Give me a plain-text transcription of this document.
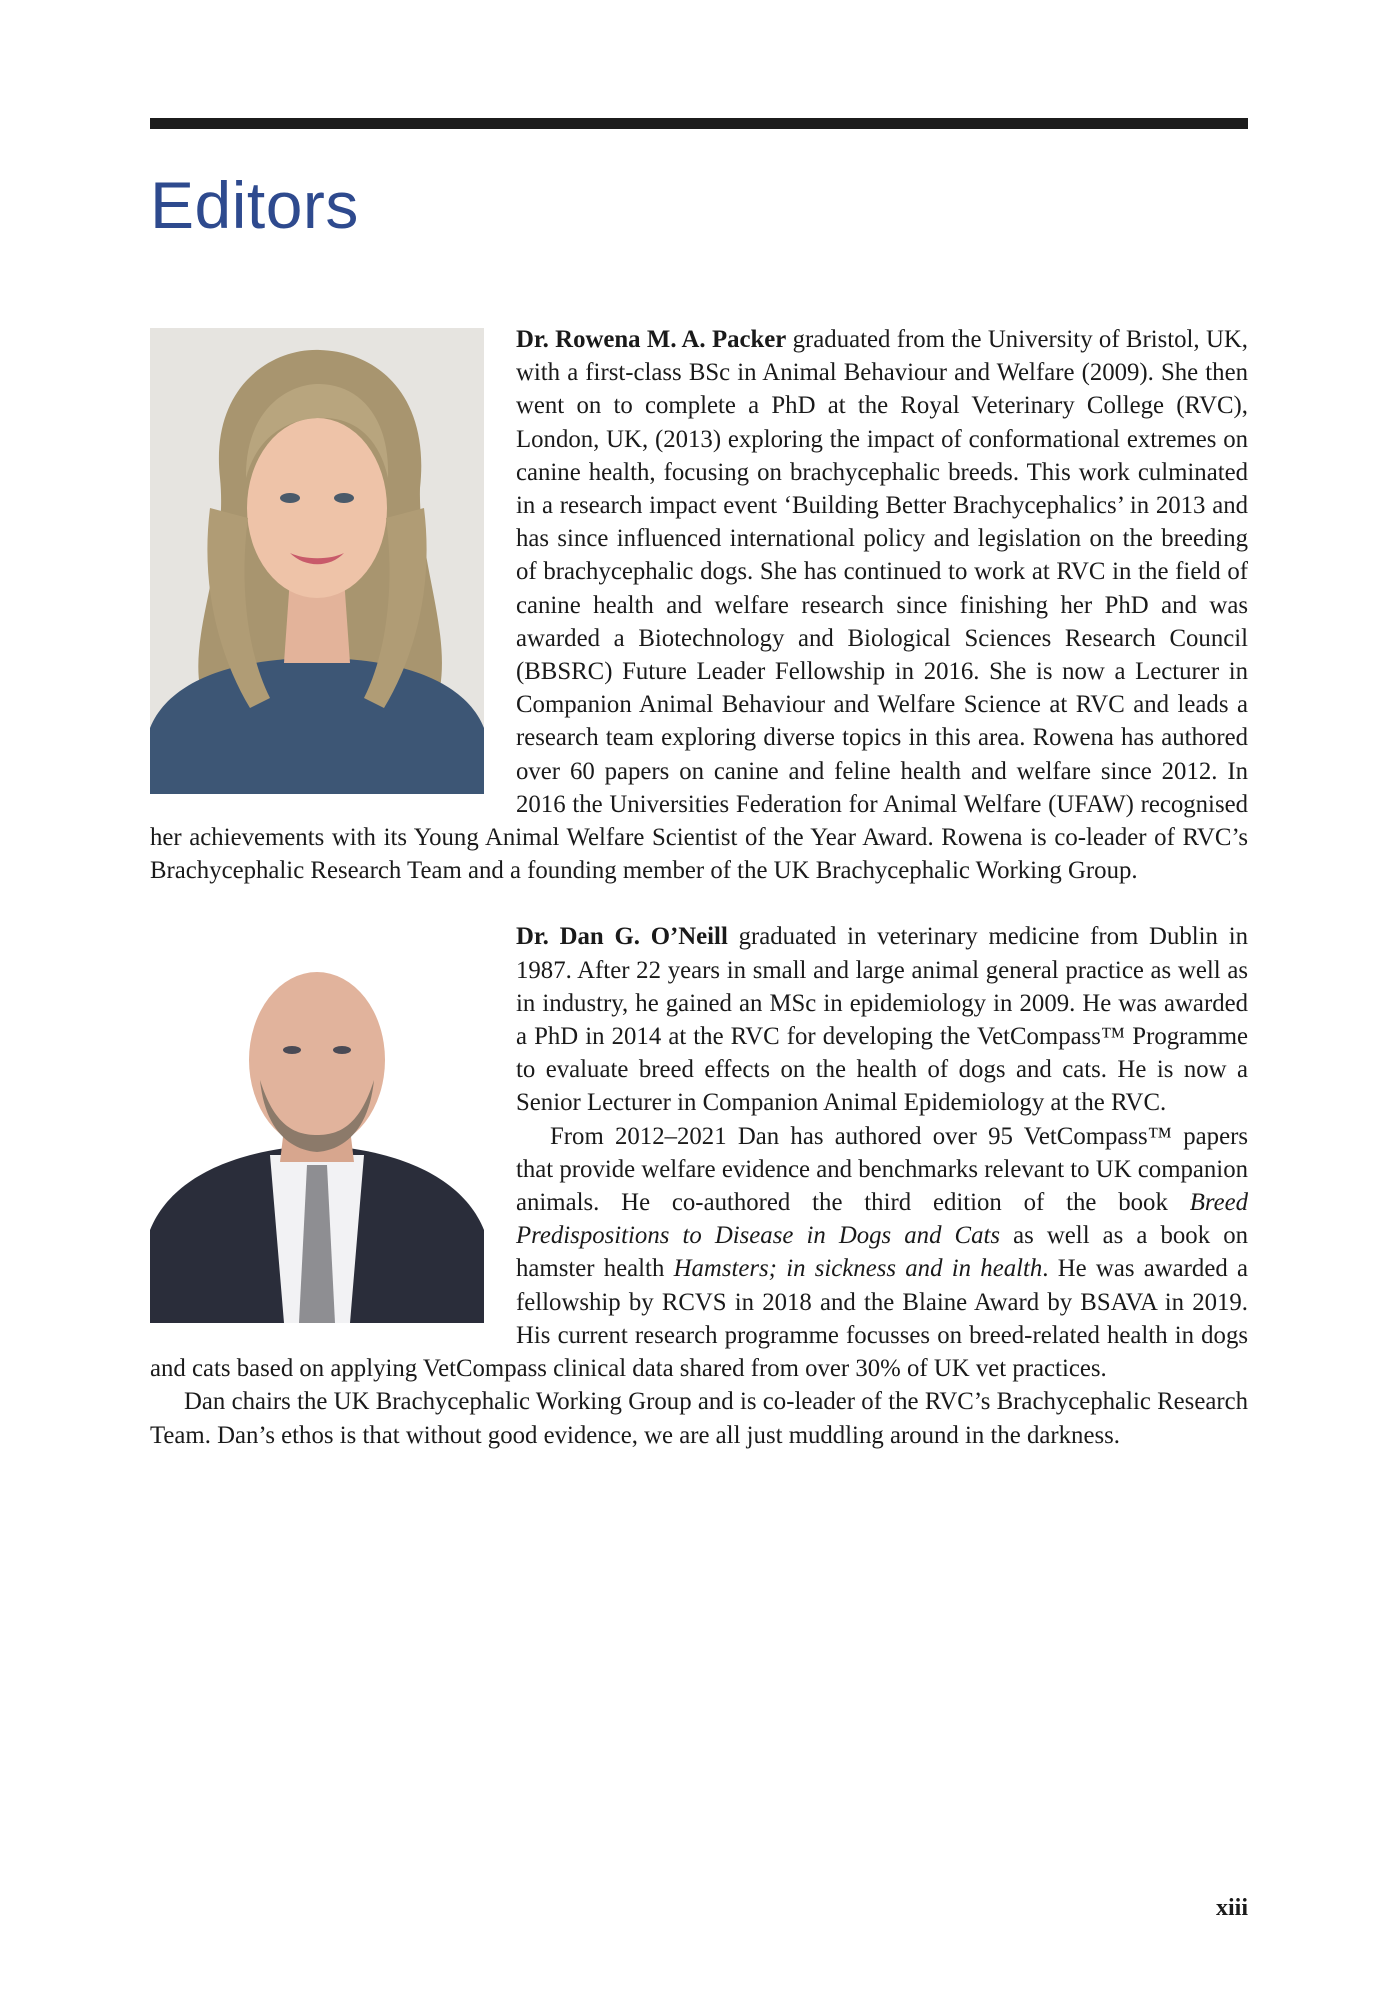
Editors

Dr. Rowena M. A. Packer graduated from the University of Bristol, UK, with a first-class BSc in Animal Behaviour and Welfare (2009). She then went on to complete a PhD at the Royal Veterinary College (RVC), London, UK, (2013) exploring the impact of conformational extremes on canine health, focusing on brachycephalic breeds. This work culminated in a research impact event ‘Building Better Brachycephalics’ in 2013 and has since influenced international policy and legislation on the breeding of brachycephalic dogs. She has continued to work at RVC in the field of canine health and welfare research since finishing her PhD and was awarded a Biotechnology and Biological Sciences Research Council (BBSRC) Future Leader Fellowship in 2016. She is now a Lecturer in Companion Animal Behaviour and Welfare Science at RVC and leads a research team exploring diverse topics in this area. Rowena has authored over 60 papers on canine and feline health and welfare since 2012. In 2016 the Universities Federation for Animal Welfare (UFAW) recognised her achievements with its Young Animal Welfare Scientist of the Year Award. Rowena is co-leader of RVC’s Brachycephalic Research Team and a founding member of the UK Brachycephalic Working Group.

Dr. Dan G. O’Neill graduated in veterinary medicine from Dublin in 1987. After 22 years in small and large animal general practice as well as in industry, he gained an MSc in epidemiology in 2009. He was awarded a PhD in 2014 at the RVC for developing the VetCompass™ Programme to evaluate breed effects on the health of dogs and cats. He is now a Senior Lecturer in Companion Animal Epidemiology at the RVC.

From 2012–2021 Dan has authored over 95 VetCompass™ papers that provide welfare evidence and benchmarks relevant to UK companion animals. He co-authored the third edition of the book Breed Predispositions to Disease in Dogs and Cats as well as a book on hamster health Hamsters; in sickness and in health. He was awarded a fellowship by RCVS in 2018 and the Blaine Award by BSAVA in 2019. His current research programme focusses on breed-related health in dogs and cats based on applying VetCompass clinical data shared from over 30% of UK vet practices.

Dan chairs the UK Brachycephalic Working Group and is co-leader of the RVC’s Brachycephalic Research Team. Dan’s ethos is that without good evidence, we are all just muddling around in the darkness.

xiii
